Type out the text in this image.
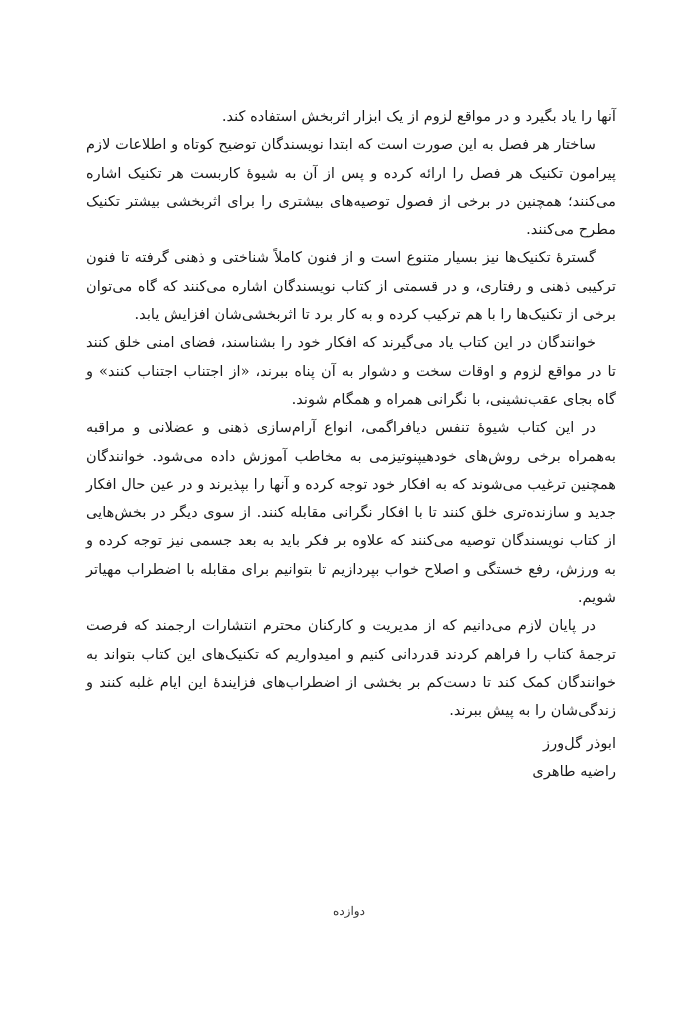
آنها را یاد بگیرد و در مواقع لزوم از یک ابزار اثربخش استفاده کند.

ساختار هر فصل به این صورت است که ابتدا نویسندگان توضیح کوتاه و اطلاعات لازم پیرامون تکنیک هر فصل را ارائه کرده و پس از آن به شیوهٔ کاربست هر تکنیک اشاره می‌کنند؛ همچنین در برخی از فصول توصیه‌های بیشتری را برای اثربخشی بیشتر تکنیک مطرح می‌کنند.

گسترهٔ تکنیک‌ها نیز بسیار متنوع است و از فنون کاملاً شناختی و ذهنی گرفته تا فنون ترکیبی ذهنی و رفتاری، و در قسمتی از کتاب نویسندگان اشاره می‌کنند که گاه می‌توان برخی از تکنیک‌ها را با هم ترکیب کرده و به کار برد تا اثربخشی‌شان افزایش یابد.

خوانندگان در این کتاب یاد می‌گیرند که افکار خود را بشناسند، فضای امنی خلق کنند تا در مواقع لزوم و اوقات سخت و دشوار به آن پناه ببرند، «از اجتناب اجتناب کنند» و گاه بجای عقب‌نشینی، با نگرانی همراه و همگام شوند.

در این کتاب شیوهٔ تنفس دیافراگمی، انواع آرام‌سازی ذهنی و عضلانی و مراقبه به‌همراه برخی روش‌های خودهیپنوتیزمی به مخاطب آموزش داده می‌شود. خوانندگان همچنین ترغیب می‌شوند که به افکار خود توجه کرده و آنها را بپذیرند و در عین حال افکار جدید و سازنده‌تری خلق کنند تا با افکار نگرانی مقابله کنند. از سوی دیگر در بخش‌هایی از کتاب نویسندگان توصیه می‌کنند که علاوه بر فکر باید به بعد جسمی نیز توجه کرده و به ورزش، رفع خستگی و اصلاح خواب بپردازیم تا بتوانیم برای مقابله با اضطراب مهیاتر شویم.

در پایان لازم می‌دانیم که از مدیریت و کارکنان محترم انتشارات ارجمند که فرصت ترجمهٔ کتاب را فراهم کردند قدردانی کنیم و امیدواریم که تکنیک‌های این کتاب بتواند به خوانندگان کمک کند تا دست‌کم بر بخشی از اضطراب‌های فزایندهٔ این ایام غلبه کنند و زندگی‌شان را به پیش ببرند.

ابوذر گل‌ورز

راضیه طاهری

دوازده
